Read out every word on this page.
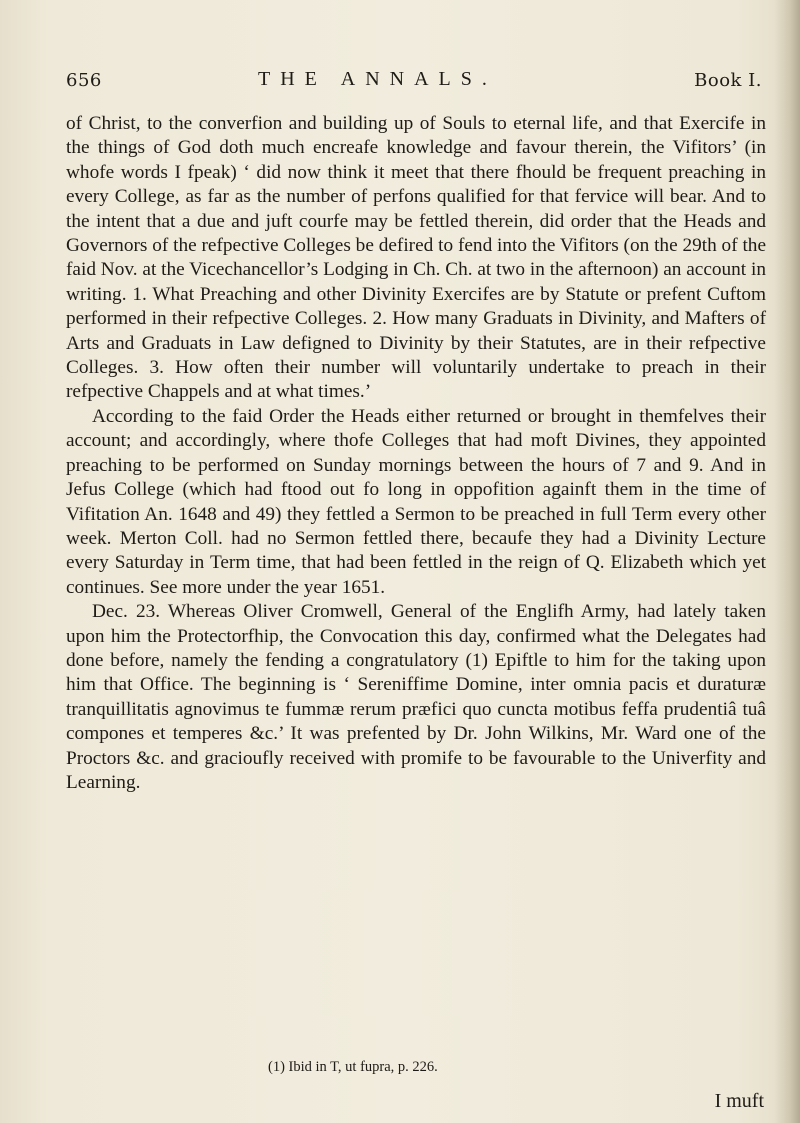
656	THE ANNALS.	Book I.

of Christ, to the converfion and building up of Souls to eternal life, and that Exercife in the things of God doth much encreafe knowledge and favour therein, the Vifitors’ (in whofe words I fpeak) ‘ did now think it meet that there fhould be frequent preaching in every College, as far as the number of perfons qualified for that fervice will bear. And to the intent that a due and juft courfe may be fettled therein, did order that the Heads and Governors of the refpective Colleges be defired to fend into the Vifitors (on the 29th of the faid Nov. at the Vicechancellor’s Lodging in Ch. Ch. at two in the afternoon) an account in writing. 1. What Preaching and other Divinity Exercifes are by Statute or prefent Cuftom performed in their refpective Colleges. 2. How many Graduats in Divinity, and Mafters of Arts and Graduats in Law defigned to Divinity by their Statutes, are in their refpective Colleges. 3. How often their number will voluntarily undertake to preach in their refpective Chappels and at what times.’

According to the faid Order the Heads either returned or brought in themfelves their account; and accordingly, where thofe Colleges that had moft Divines, they appointed preaching to be performed on Sunday mornings between the hours of 7 and 9. And in Jefus College (which had ftood out fo long in oppofition againft them in the time of Vifitation An. 1648 and 49) they fettled a Sermon to be preached in full Term every other week. Merton Coll. had no Sermon fettled there, becaufe they had a Divinity Lecture every Saturday in Term time, that had been fettled in the reign of Q. Elizabeth which yet continues. See more under the year 1651.

Dec. 23. Whereas Oliver Cromwell, General of the Englifh Army, had lately taken upon him the Protectorfhip, the Convocation this day, confirmed what the Delegates had done before, namely the fending a congratulatory (1) Epiftle to him for the taking upon him that Office. The beginning is ‘ Sereniffime Domine, inter omnia pacis et duraturæ tranquillitatis agnovimus te fummæ rerum præfici quo cuncta motibus feffa prudentiâ tuâ compones et temperes &c.’ It was prefented by Dr. John Wilkins, Mr. Ward one of the Proctors &c. and gracioufly received with promife to be favourable to the Univerfity and Learning.

(1) Ibid in T, ut fupra, p. 226.
I muft
